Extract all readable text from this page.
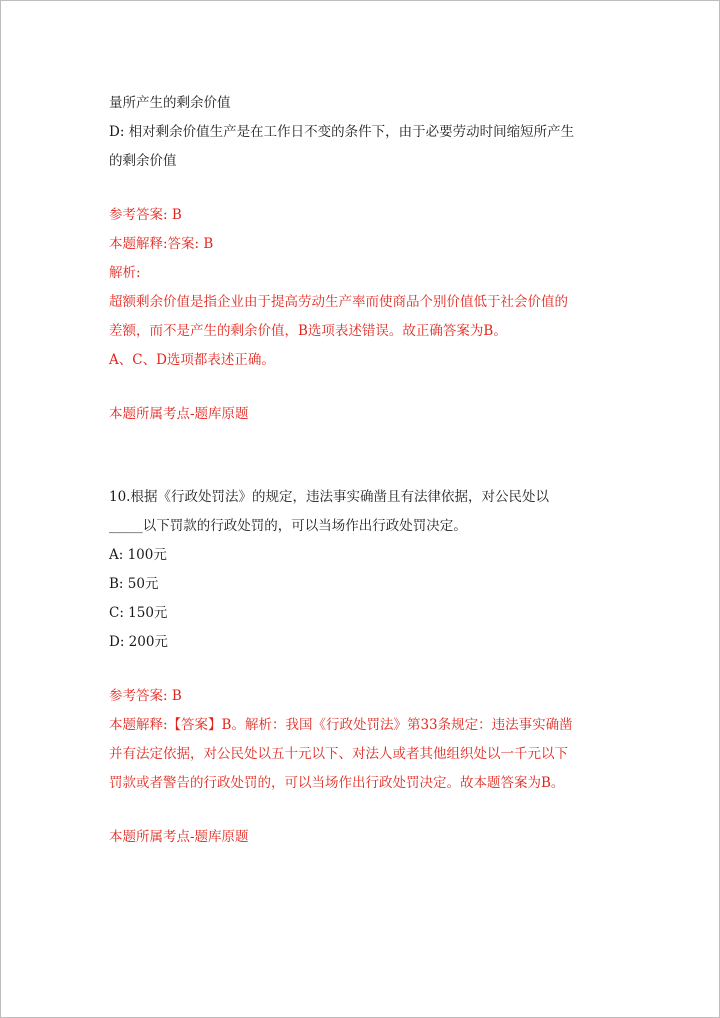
量所产生的剩余价值

D: 相对剩余价值生产是在工作日不变的条件下，由于必要劳动时间缩短所产生

的剩余价值

参考答案: B

本题解释:答案: B

解析:

超额剩余价值是指企业由于提高劳动生产率而使商品个别价值低于社会价值的

差额，而不是产生的剩余价值，B选项表述错误。故正确答案为B。

A、C、D选项都表述正确。

本题所属考点-题库原题

10.根据《行政处罚法》的规定，违法事实确凿且有法律依据，对公民处以

_____以下罚款的行政处罚的，可以当场作出行政处罚决定。

A: 100元

B: 50元

C: 150元

D: 200元

参考答案: B

本题解释:【答案】B。解析：我国《行政处罚法》第33条规定：违法事实确凿

并有法定依据，对公民处以五十元以下、对法人或者其他组织处以一千元以下

罚款或者警告的行政处罚的，可以当场作出行政处罚决定。故本题答案为B。

本题所属考点-题库原题
